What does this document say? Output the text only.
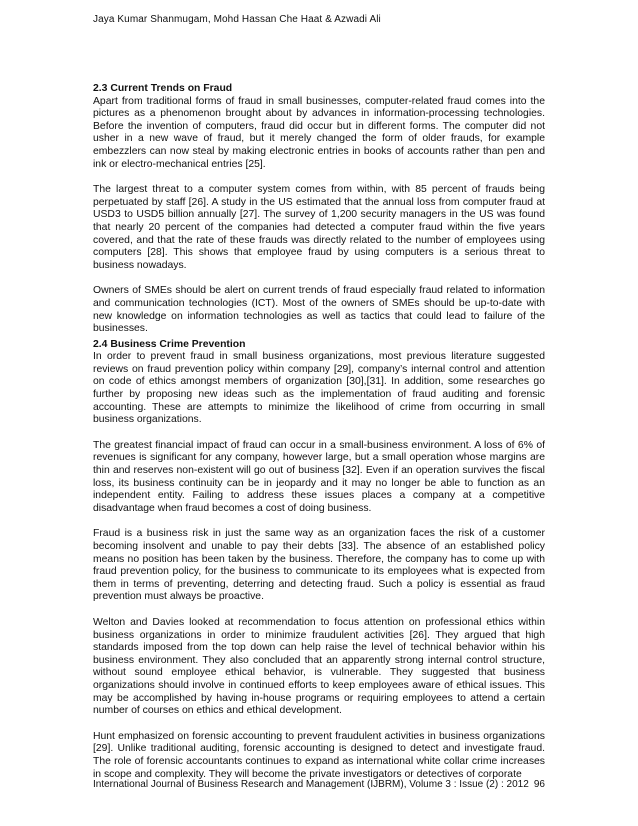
Jaya Kumar Shanmugam, Mohd Hassan Che Haat & Azwadi Ali
2.3 Current Trends on Fraud

Apart from traditional forms of fraud in small businesses, computer-related fraud comes into the pictures as a phenomenon brought about by advances in information-processing technologies. Before the invention of computers, fraud did occur but in different forms. The computer did not usher in a new wave of fraud, but it merely changed the form of older frauds, for example embezzlers can now steal by making electronic entries in books of accounts rather than pen and ink or electro-mechanical entries [25].

The largest threat to a computer system comes from within, with 85 percent of frauds being perpetuated by staff [26]. A study in the US estimated that the annual loss from computer fraud at USD3 to USD5 billion annually [27]. The survey of 1,200 security managers in the US was found that nearly 20 percent of the companies had detected a computer fraud within the five years covered, and that the rate of these frauds was directly related to the number of employees using computers [28]. This shows that employee fraud by using computers is a serious threat to business nowadays.

Owners of SMEs should be alert on current trends of fraud especially fraud related to information and communication technologies (ICT). Most of the owners of SMEs should be up-to-date with new knowledge on information technologies as well as tactics that could lead to failure of the businesses.

2.4 Business Crime Prevention

In order to prevent fraud in small business organizations, most previous literature suggested reviews on fraud prevention policy within company [29], company’s internal control and attention on code of ethics amongst members of organization [30],[31]. In addition, some researches go further by proposing new ideas such as the implementation of fraud auditing and forensic accounting. These are attempts to minimize the likelihood of crime from occurring in small business organizations.

The greatest financial impact of fraud can occur in a small-business environment. A loss of 6% of revenues is significant for any company, however large, but a small operation whose margins are thin and reserves non-existent will go out of business [32]. Even if an operation survives the fiscal loss, its business continuity can be in jeopardy and it may no longer be able to function as an independent entity. Failing to address these issues places a company at a competitive disadvantage when fraud becomes a cost of doing business.

Fraud is a business risk in just the same way as an organization faces the risk of a customer becoming insolvent and unable to pay their debts [33]. The absence of an established policy means no position has been taken by the business. Therefore, the company has to come up with fraud prevention policy, for the business to communicate to its employees what is expected from them in terms of preventing, deterring and detecting fraud. Such a policy is essential as fraud prevention must always be proactive.

Welton and Davies looked at recommendation to focus attention on professional ethics within business organizations in order to minimize fraudulent activities [26]. They argued that high standards imposed from the top down can help raise the level of technical behavior within his business environment. They also concluded that an apparently strong internal control structure, without sound employee ethical behavior, is vulnerable. They suggested that business organizations should involve in continued efforts to keep employees aware of ethical issues. This may be accomplished by having in-house programs or requiring employees to attend a certain number of courses on ethics and ethical development.

Hunt emphasized on forensic accounting to prevent fraudulent activities in business organizations [29]. Unlike traditional auditing, forensic accounting is designed to detect and investigate fraud. The role of forensic accountants continues to expand as international white collar crime increases in scope and complexity. They will become the private investigators or detectives of corporate

International Journal of Business Research and Management (IJBRM), Volume 3 : Issue (2) : 2012 96
